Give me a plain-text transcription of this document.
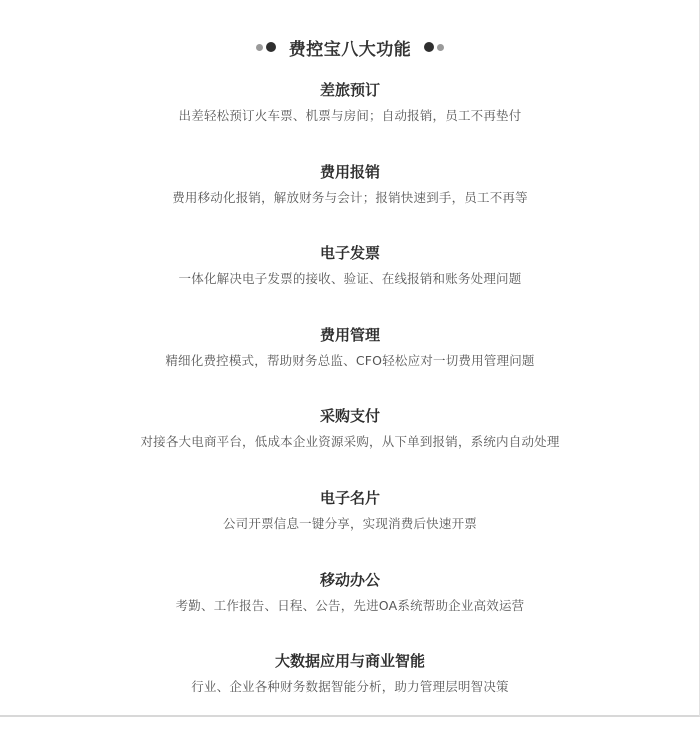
费控宝八大功能
差旅预订
出差轻松预订火车票、机票与房间；自动报销，员工不再垫付
费用报销
费用移动化报销，解放财务与会计；报销快速到手，员工不再等
电子发票
一体化解决电子发票的接收、验证、在线报销和账务处理问题
费用管理
精细化费控模式，帮助财务总监、CFO轻松应对一切费用管理问题
采购支付
对接各大电商平台，低成本企业资源采购，从下单到报销，系统内自动处理
电子名片
公司开票信息一键分享，实现消费后快速开票
移动办公
考勤、工作报告、日程、公告，先进OA系统帮助企业高效运营
大数据应用与商业智能
行业、企业各种财务数据智能分析，助力管理层明智决策
